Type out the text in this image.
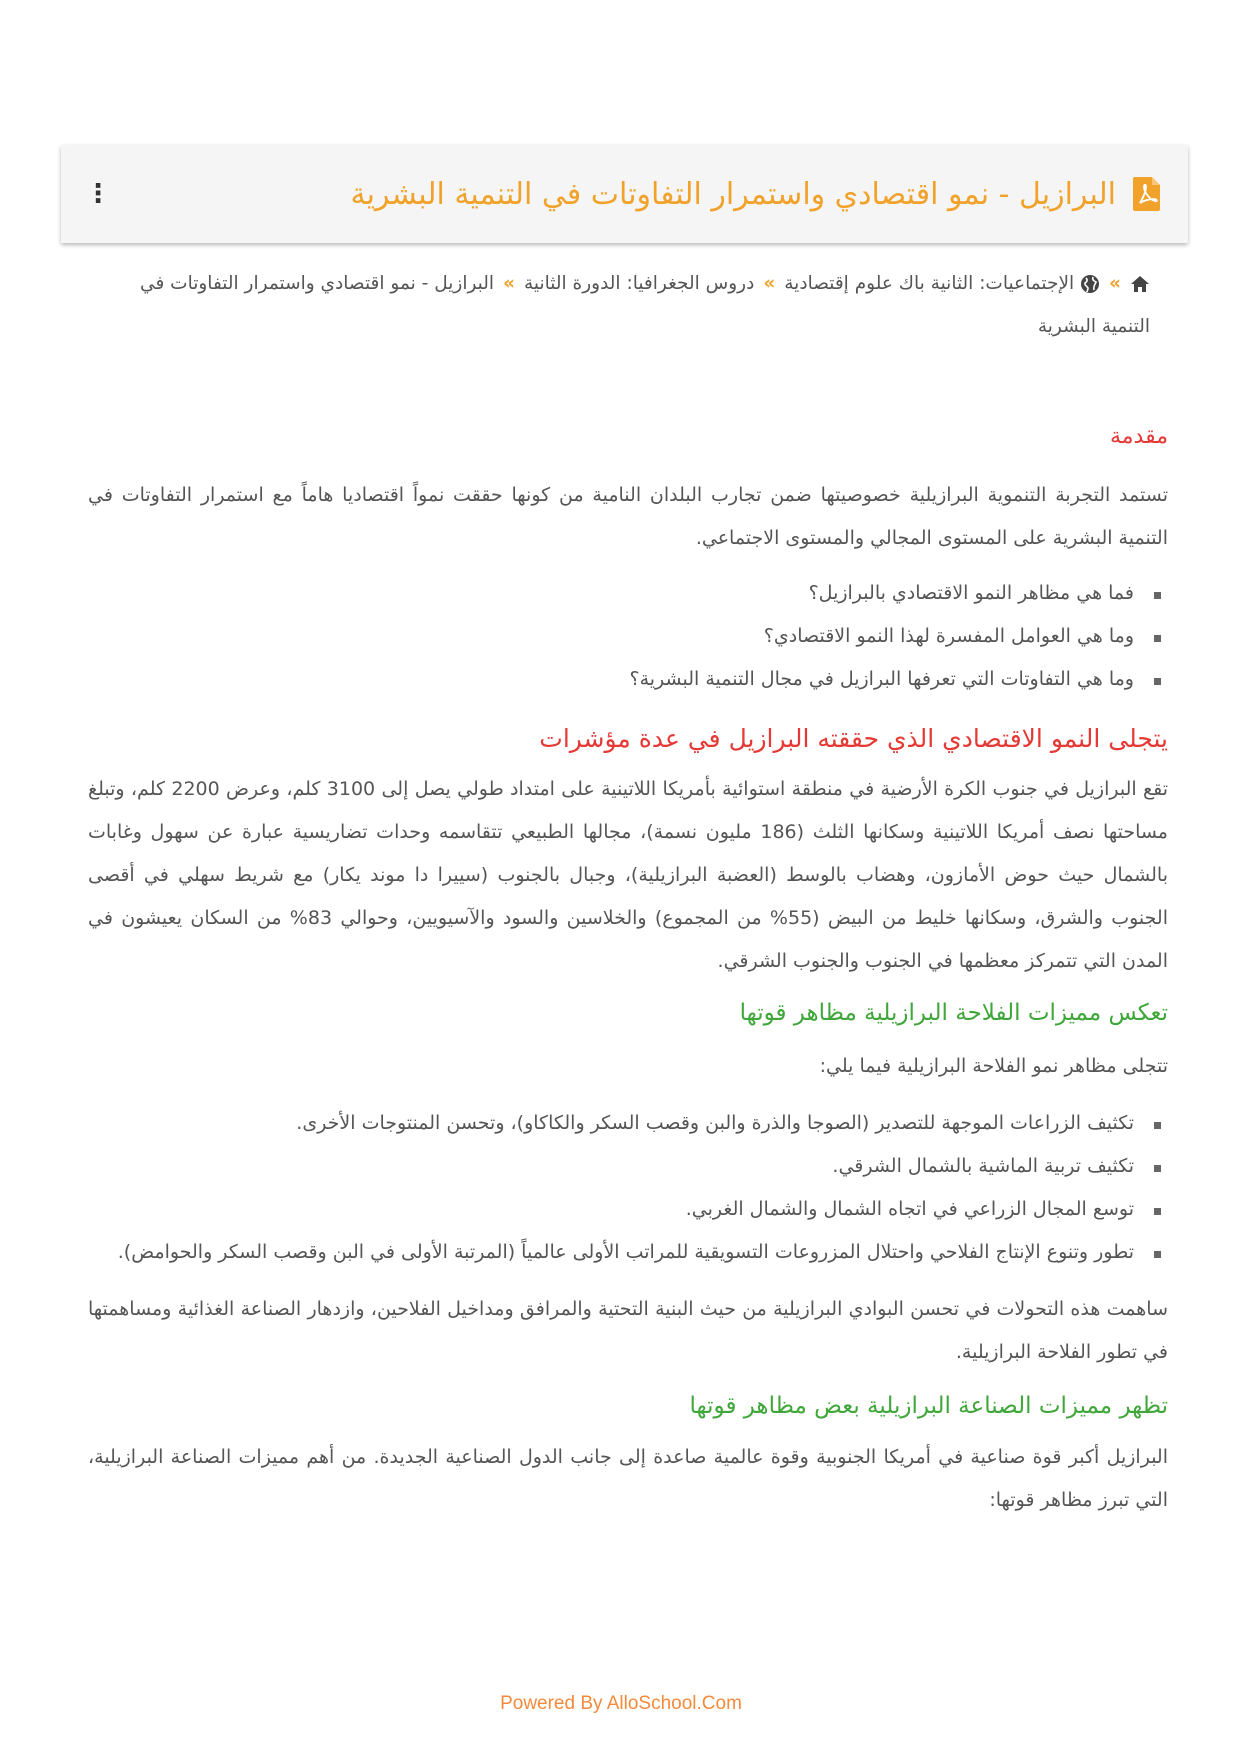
البرازيل - نمو اقتصادي واستمرار التفاوتات في التنمية البشرية
⋮
» الإجتماعيات: الثانية باك علوم إقتصادية»دروس الجغرافيا: الدورة الثانية»البرازيل - نمو اقتصادي واستمرار التفاوتات في التنمية البشرية
مقدمة

تستمد التجربة التنموية البرازيلية خصوصيتها ضمن تجارب البلدان النامية من كونها حققت نمواً اقتصاديا هاماً مع استمرار التفاوتات في التنمية البشرية على المستوى المجالي والمستوى الاجتماعي.

فما هي مظاهر النمو الاقتصادي بالبرازيل؟
وما هي العوامل المفسرة لهذا النمو الاقتصادي؟
وما هي التفاوتات التي تعرفها البرازيل في مجال التنمية البشرية؟
يتجلى النمو الاقتصادي الذي حققته البرازيل في عدة مؤشرات

تقع البرازيل في جنوب الكرة الأرضية في منطقة استوائية بأمريكا اللاتينية على امتداد طولي يصل إلى 3100 كلم، وعرض 2200 كلم، وتبلغ مساحتها نصف أمريكا اللاتينية وسكانها الثلث (186 مليون نسمة)، مجالها الطبيعي تتقاسمه وحدات تضاريسية عبارة عن سهول وغابات بالشمال حيث حوض الأمازون، وهضاب بالوسط (العضبة البرازيلية)، وجبال بالجنوب (سييرا دا موند يكار) مع شريط سهلي في أقصى الجنوب والشرق، وسكانها خليط من البيض (55% من المجموع) والخلاسين والسود والآسيويين، وحوالي 83% من السكان يعيشون في المدن التي تتمركز معظمها في الجنوب والجنوب الشرقي.

تعكس مميزات الفلاحة البرازيلية مظاهر قوتها

تتجلى مظاهر نمو الفلاحة البرازيلية فيما يلي:

تكثيف الزراعات الموجهة للتصدير (الصوجا والذرة والبن وقصب السكر والكاكاو)، وتحسن المنتوجات الأخرى.
تكثيف تربية الماشية بالشمال الشرقي.
توسع المجال الزراعي في اتجاه الشمال والشمال الغربي.
تطور وتنوع الإنتاج الفلاحي واحتلال المزروعات التسويقية للمراتب الأولى عالمياً (المرتبة الأولى في البن وقصب السكر والحوامض).

ساهمت هذه التحولات في تحسن البوادي البرازيلية من حيث البنية التحتية والمرافق ومداخيل الفلاحين، وازدهار الصناعة الغذائية ومساهمتها في تطور الفلاحة البرازيلية.

تظهر مميزات الصناعة البرازيلية بعض مظاهر قوتها

البرازيل أكبر قوة صناعية في أمريكا الجنوبية وقوة عالمية صاعدة إلى جانب الدول الصناعية الجديدة. من أهم مميزات الصناعة البرازيلية، التي تبرز مظاهر قوتها:

Powered By AlloSchool.Com
